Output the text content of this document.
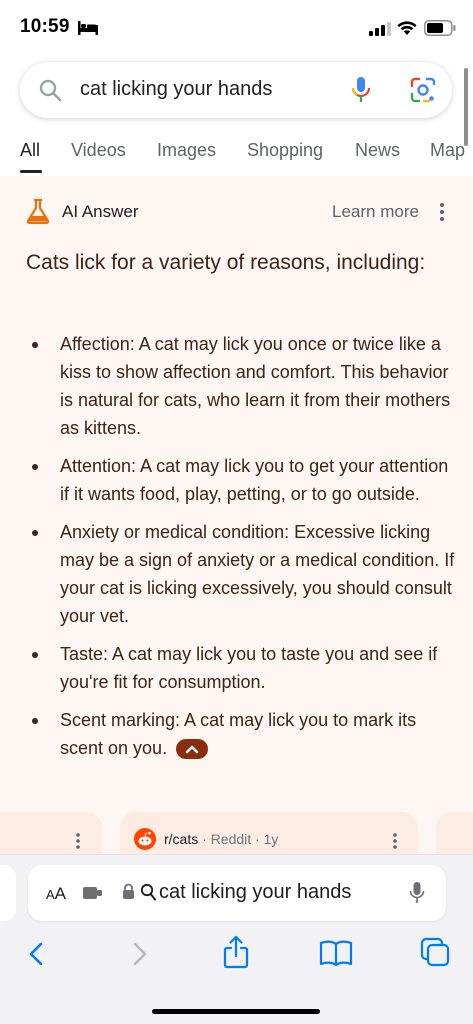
10:59
cat licking your hands
All Videos Images Shopping News Map
AI Answer	Learn more
Cats lick for a variety of reasons, including:
Affection: A cat may lick you once or twice like a kiss to show affection and comfort. This behavior is natural for cats, who learn it from their mothers as kittens.
Attention: A cat may lick you to get your attention if it wants food, play, petting, or to go outside.
Anxiety or medical condition: Excessive licking may be a sign of anxiety or a medical condition. If your cat is licking excessively, you should consult your vet.
Taste: A cat may lick you to taste you and see if you're fit for consumption.
Scent marking: A cat may lick you to mark its scent on you.
r/cats · Reddit · 1y
AA	cat licking your hands
